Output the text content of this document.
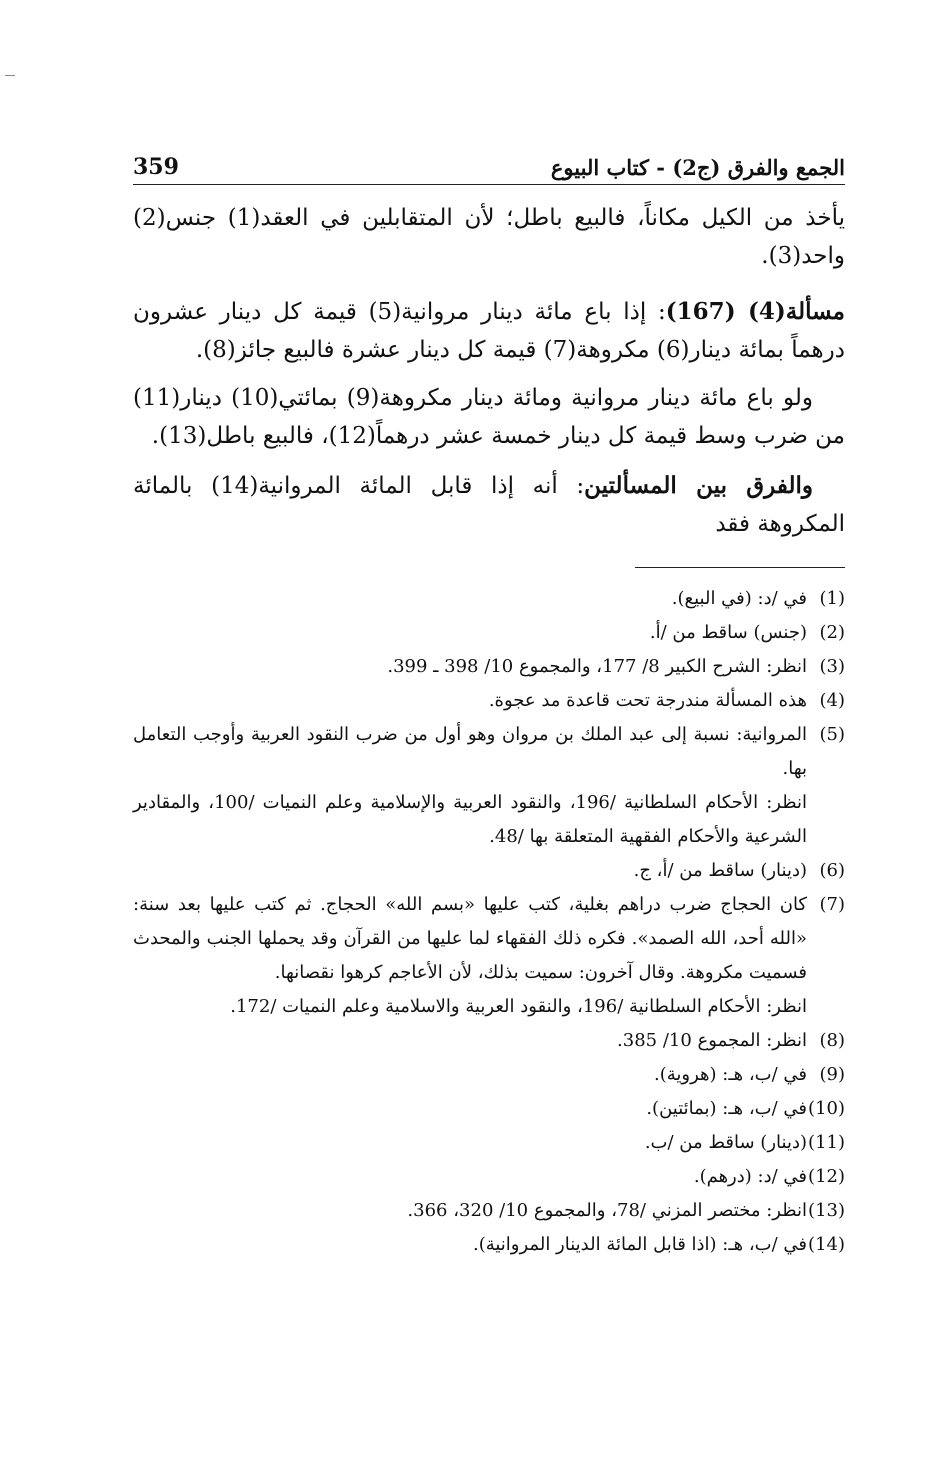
الجمع والفرق (ج2) - كتاب البيوع
359

يأخذ من الكيل مكاناً، فالبيع باطل؛ لأن المتقابلين في العقد(1) جنس(2) واحد(3).

مسألة(4) (167): إذا باع مائة دينار مروانية(5) قيمة كل دينار عشرون درهماً بمائة دينار(6) مكروهة(7) قيمة كل دينار عشرة فالبيع جائز(8).

ولو باع مائة دينار مروانية ومائة دينار مكروهة(9) بمائتي(10) دينار(11) من ضرب وسط قيمة كل دينار خمسة عشر درهماً(12)، فالبيع باطل(13).

والفرق بين المسألتين: أنه إذا قابل المائة المروانية(14) بالمائة المكروهة فقد

(1)

في /د: (في البيع).

(2)

(جنس) ساقط من /أ.

(3)

انظر: الشرح الكبير 8/ 177، والمجموع 10/ 398 ـ 399.

(4)

هذه المسألة مندرجة تحت قاعدة مد عجوة.

(5)

المروانية: نسبة إلى عبد الملك بن مروان وهو أول من ضرب النقود العربية وأوجب التعامل بها.

انظر: الأحكام السلطانية /196، والنقود العربية والإسلامية وعلم النميات /100، والمقادير الشرعية والأحكام الفقهية المتعلقة بها /48.

(6)

(دينار) ساقط من /أ، ج.

(7)

كان الحجاج ضرب دراهم بغلية، كتب عليها «بسم الله» الحجاج. ثم كتب عليها بعد سنة: «الله أحد، الله الصمد». فكره ذلك الفقهاء لما عليها من القرآن وقد يحملها الجنب والمحدث فسميت مكروهة. وقال آخرون: سميت بذلك، لأن الأعاجم كرهوا نقصانها.

انظر: الأحكام السلطانية /196، والنقود العربية والاسلامية وعلم النميات /172.

(8)

انظر: المجموع 10/ 385.

(9)

في /ب، هـ: (هروية).

(10)

في /ب، هـ: (بمائتين).

(11)

(دينار) ساقط من /ب.

(12)

في /د: (درهم).

(13)

انظر: مختصر المزني /78، والمجموع 10/ 320، 366.

(14)

في /ب، هـ: (اذا قابل المائة الدينار المروانية).
